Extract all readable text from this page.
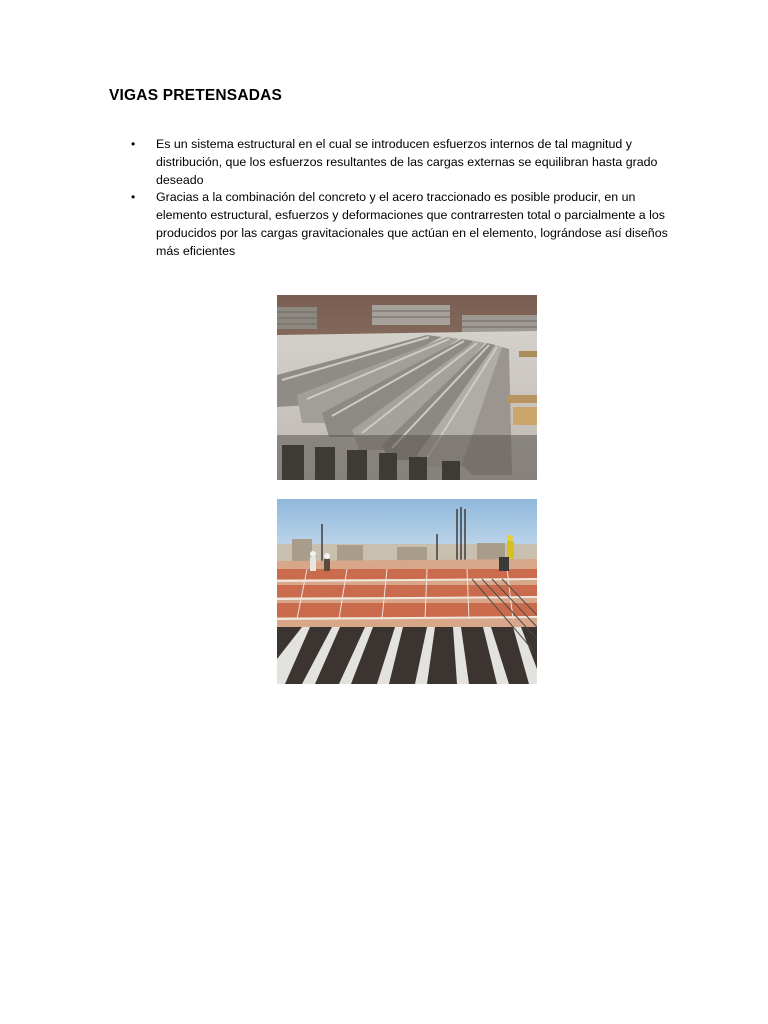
VIGAS PRETENSADAS
• Es un sistema estructural en el cual se introducen esfuerzos internos de tal magnitud y distribución, que los esfuerzos resultantes de las cargas externas se equilibran hasta grado deseado
• Gracias a la combinación del concreto y el acero traccionado es posible producir, en un elemento estructural, esfuerzos y deformaciones que contrarresten total o parcialmente a los producidos por las cargas gravitacionales que actúan en el elemento, lográndose así diseños más eficientes
